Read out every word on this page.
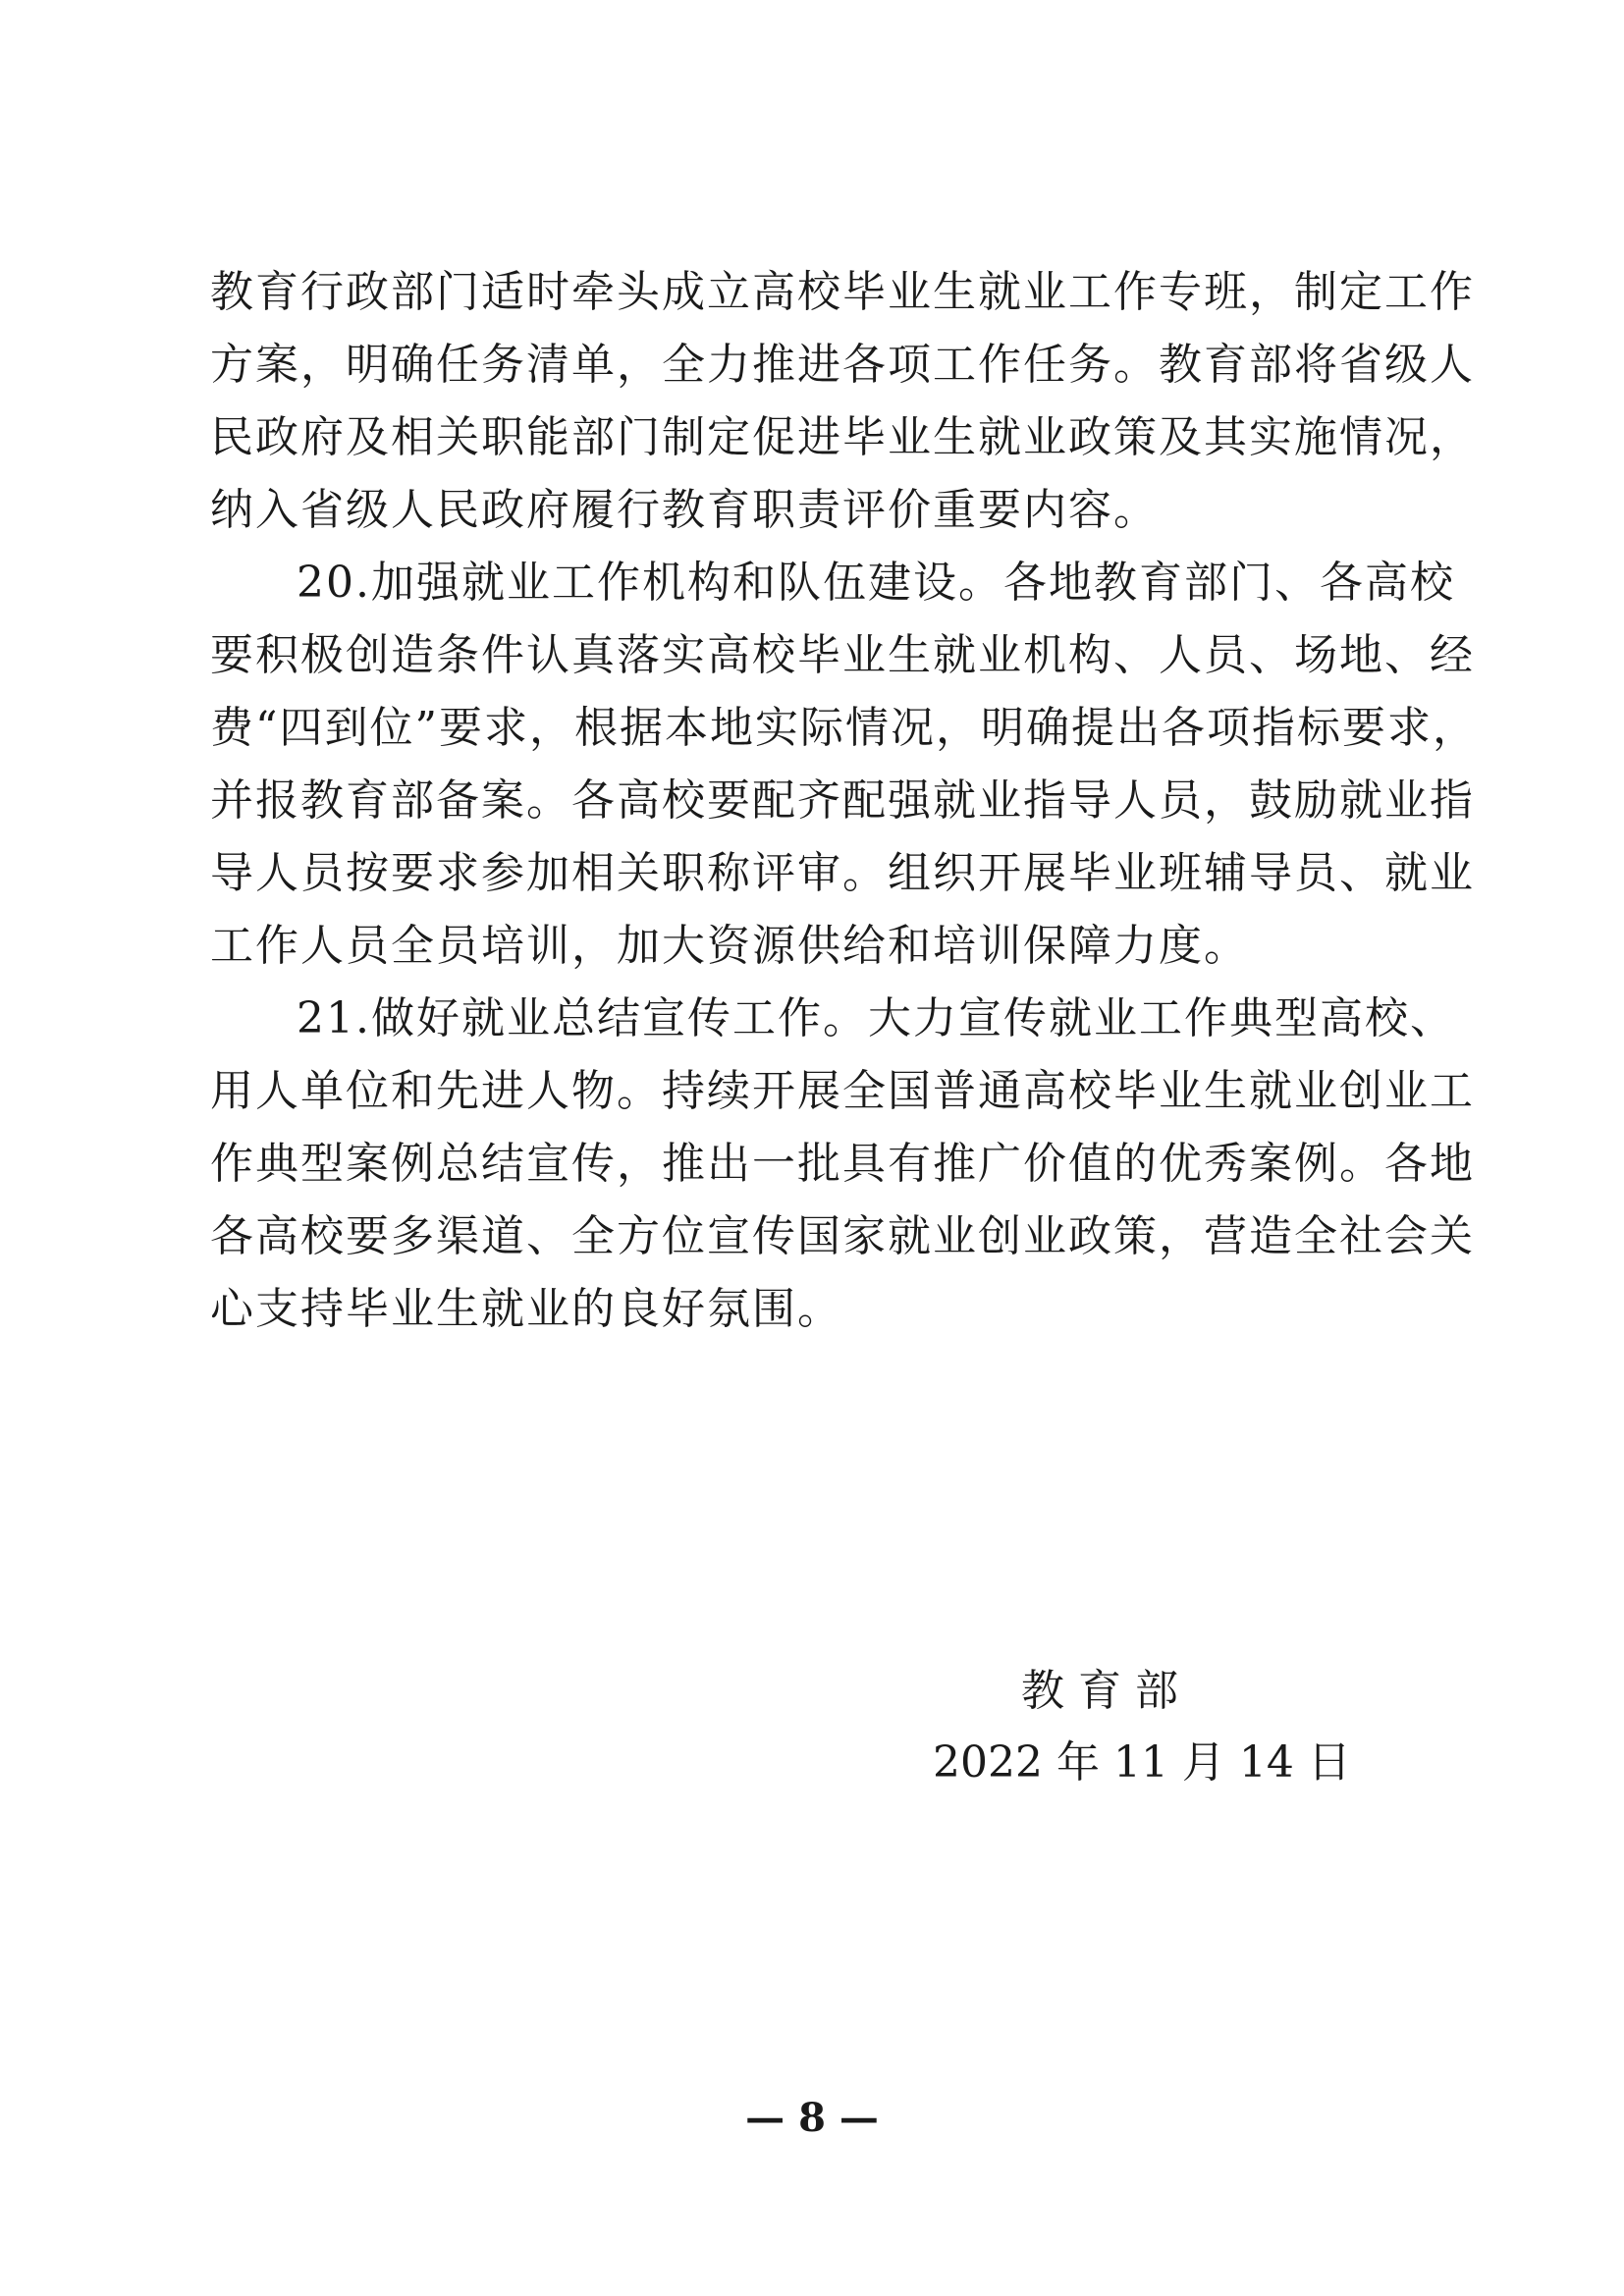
教育行政部门适时牵头成立高校毕业生就业工作专班，制定工作
方案，明确任务清单，全力推进各项工作任务。教育部将省级人
民政府及相关职能部门制定促进毕业生就业政策及其实施情况，
纳入省级人民政府履行教育职责评价重要内容。
20.加强就业工作机构和队伍建设。各地教育部门、各高校
要积极创造条件认真落实高校毕业生就业机构、人员、场地、经
费“四到位”要求，根据本地实际情况，明确提出各项指标要求，
并报教育部备案。各高校要配齐配强就业指导人员，鼓励就业指
导人员按要求参加相关职称评审。组织开展毕业班辅导员、就业
工作人员全员培训，加大资源供给和培训保障力度。
21.做好就业总结宣传工作。大力宣传就业工作典型高校、
用人单位和先进人物。持续开展全国普通高校毕业生就业创业工
作典型案例总结宣传，推出一批具有推广价值的优秀案例。各地
各高校要多渠道、全方位宣传国家就业创业政策，营造全社会关
心支持毕业生就业的良好氛围。
教育部
2022 年 11 月 14 日
— 8 —
